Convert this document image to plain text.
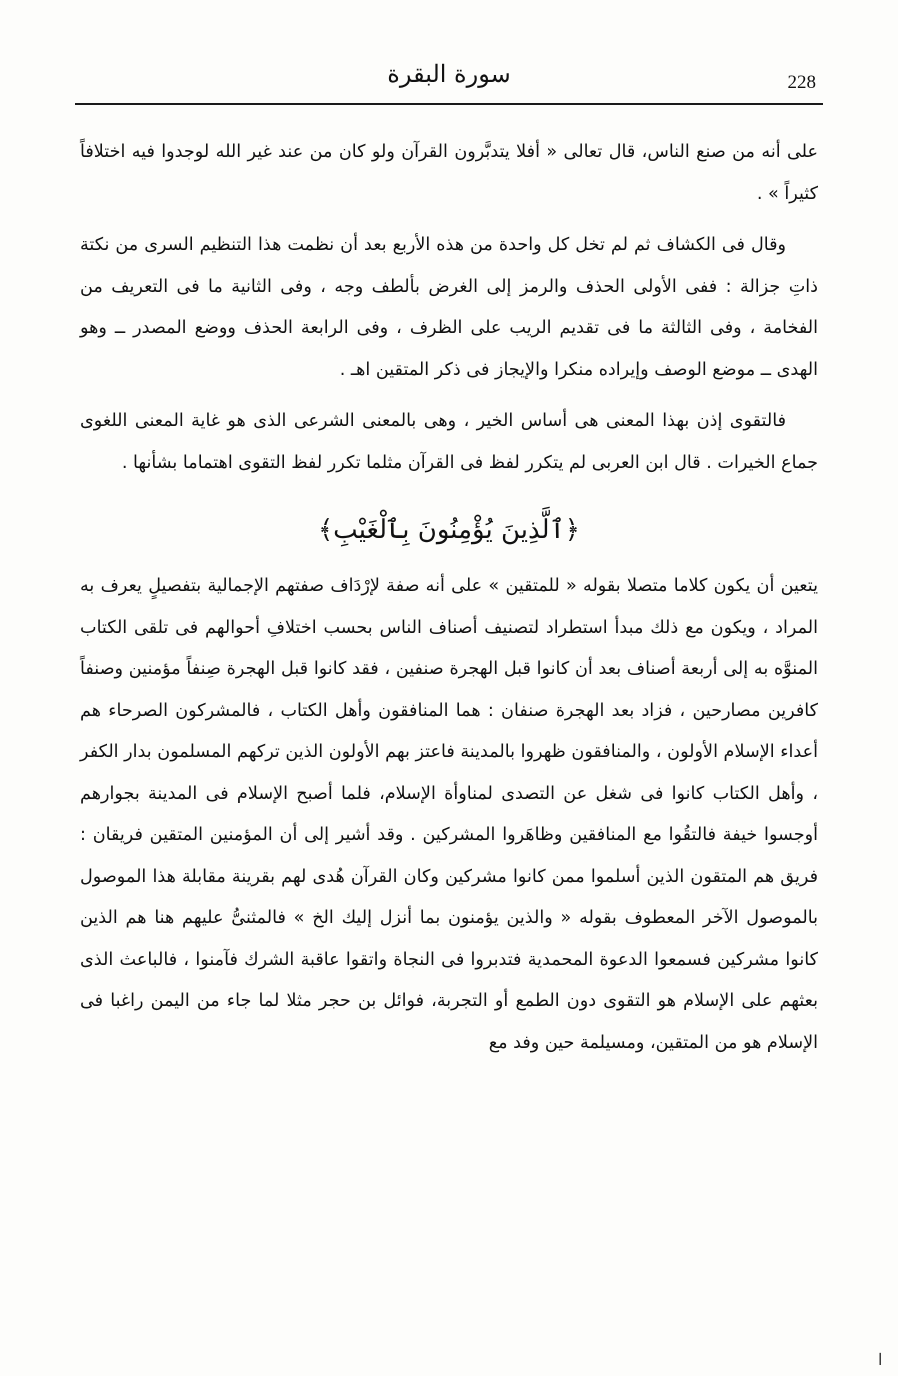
228
سورة البقرة

على أنه من صنع الناس، قال تعالى « أفلا يتدبَّرون القرآن ولو كان من عند غير الله لوجدوا فيه اختلافاً كثيراً » .

وقال فى الكشاف ثم لم تخل كل واحدة من هذه الأربع بعد أن نظمت هذا التنظيم السرى من نكتة ذاتِ جزالة : ففى الأولى الحذف والرمز إلى الغرض بألطف وجه ، وفى الثانية ما فى التعريف من الفخامة ، وفى الثالثة ما فى تقديم الريب على الظرف ، وفى الرابعة الحذف ووضع المصدر ــ وهو الهدى ــ موضع الوصف وإيراده منكرا والإيجاز فى ذكر المتقين اهـ .

فالتقوى إذن بهذا المعنى هى أساس الخير ، وهى بالمعنى الشرعى الذى هو غاية المعنى اللغوى جماع الخيرات . قال ابن العربى لم يتكرر لفظ فى القرآن مثلما تكرر لفظ التقوى اهتماما بشأنها .

﴿ٱلَّذِينَ يُؤْمِنُونَ بِٱلْغَيْبِ﴾

يتعين أن يكون كلاما متصلا بقوله « للمتقين » على أنه صفة لإرْدَاف صفتهم الإجمالية بتفصيلٍ يعرف به المراد ، ويكون مع ذلك مبدأ استطراد لتصنيف أصناف الناس بحسب اختلافِ أحوالهم فى تلقى الكتاب المنوَّه به إلى أربعة أصناف بعد أن كانوا قبل الهجرة صنفين ، فقد كانوا قبل الهجرة صِنفاً مؤمنين وصنفاً كافرين مصارحين ، فزاد بعد الهجرة صنفان : هما المنافقون وأهل الكتاب ، فالمشركون الصرحاء هم أعداء الإسلام الأولون ، والمنافقون ظهروا بالمدينة فاعتز بهم الأولون الذين تركهم المسلمون بدار الكفر ، وأهل الكتاب كانوا فى شغل عن التصدى لمناوأة الإسلام، فلما أصبح الإسلام فى المدينة بجوارهم أوجسوا خيفة فالتقُوا مع المنافقين وظاهَروا المشركين . وقد أشير إلى أن المؤمنين المتقين فريقان : فريق هم المتقون الذين أسلموا ممن كانوا مشركين وكان القرآن هُدى لهم بقرينة مقابلة هذا الموصول بالموصول الآخر المعطوف بقوله « والذين يؤمنون بما أنزل إليك الخ » فالمثنىُّ عليهم هنا هم الذين كانوا مشركين فسمعوا الدعوة المحمدية فتدبروا فى النجاة واتقوا عاقبة الشرك فآمنوا ، فالباعث الذى بعثهم على الإسلام هو التقوى دون الطمع أو التجربة، فوائل بن حجر مثلا لما جاء من اليمن راغبا فى الإسلام هو من المتقين، ومسيلمة حين وفد مع

ا
